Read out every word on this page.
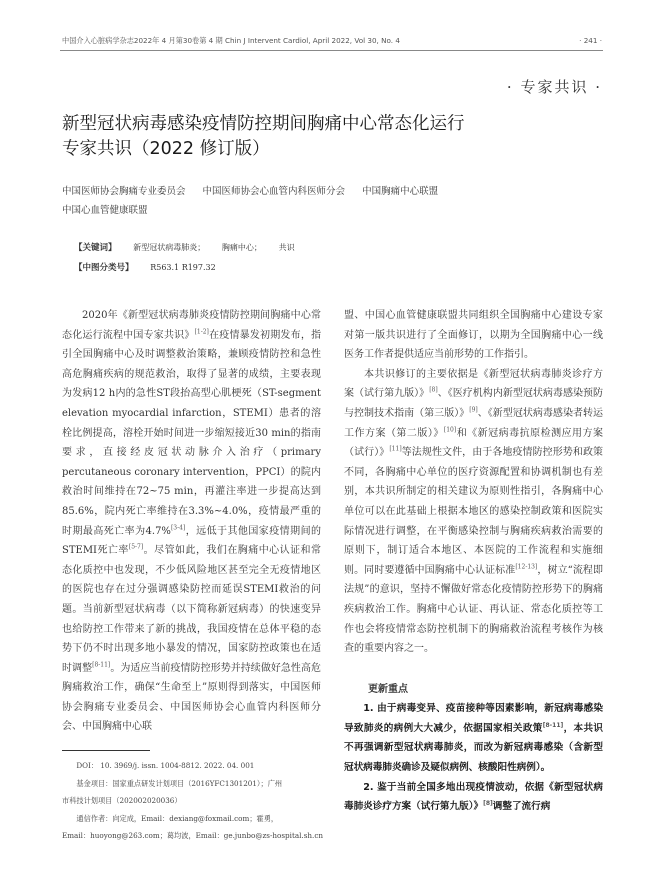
中国介入心脏病学杂志2022年 4 月第30卷第 4 期 Chin J Intervent Cardiol, April 2022, Vol 30, No. 4	· 241 ·
· 专家共识 ·
新型冠状病毒感染疫情防控期间胸痛中心常态化运行
专家共识（2022 修订版）
中国医师协会胸痛专业委员会 中国医师协会心血管内科医师分会 中国胸痛中心联盟
中国心血管健康联盟
【关键词】 新型冠状病毒肺炎； 胸痛中心； 共识
【中图分类号】 R563.1 R197.32

2020年《新型冠状病毒肺炎疫情防控期间胸痛中心常态化运行流程中国专家共识》[1-2]在疫情暴发初期发布，指引全国胸痛中心及时调整救治策略，兼顾疫情防控和急性高危胸痛疾病的规范救治，取得了显著的成绩，主要表现为发病12 h内的急性ST段抬高型心肌梗死（ST-segment elevation myocardial infarction，STEMI）患者的溶栓比例提高，溶栓开始时间进一步缩短接近30 min的指南要求，直接经皮冠状动脉介入治疗（primary percutaneous coronary intervention，PPCI）的院内救治时间维持在72~75 min，再灌注率进一步提高达到85.6%，院内死亡率维持在3.3%~4.0%，疫情最严重的时期最高死亡率为4.7%[3-4]，远低于其他国家疫情期间的STEMI死亡率[5-7]。尽管如此，我们在胸痛中心认证和常态化质控中也发现，不少低风险地区甚至完全无疫情地区的医院也存在过分强调感染防控而延误STEMI救治的问题。当前新型冠状病毒（以下简称新冠病毒）的快速变异也给防控工作带来了新的挑战，我国疫情在总体平稳的态势下仍不时出现多地小暴发的情况，国家防控政策也在适时调整[8-11]。为适应当前疫情防控形势并持续做好急性高危胸痛救治工作，确保“生命至上”原则得到落实，中国医师协会胸痛专业委员会、中国医师协会心血管内科医师分会、中国胸痛中心联

盟、中国心血管健康联盟共同组织全国胸痛中心建设专家对第一版共识进行了全面修订，以期为全国胸痛中心一线医务工作者提供适应当前形势的工作指引。

本共识修订的主要依据是《新型冠状病毒肺炎诊疗方案（试行第九版）》[8]、《医疗机构内新型冠状病毒感染预防与控制技术指南（第三版）》[9]、《新型冠状病毒感染者转运工作方案（第二版）》[10]和《新冠病毒抗原检测应用方案（试行）》[11]等法规性文件，由于各地疫情防控形势和政策不同，各胸痛中心单位的医疗资源配置和协调机制也有差别，本共识所制定的相关建议为原则性指引，各胸痛中心单位可以在此基础上根据本地区的感染控制政策和医院实际情况进行调整，在平衡感染控制与胸痛疾病救治需要的原则下，制订适合本地区、本医院的工作流程和实施细则。同时要遵循中国胸痛中心认证标准[12-13]，树立“流程即法规”的意识，坚持不懈做好常态化疫情防控形势下的胸痛疾病救治工作。胸痛中心认证、再认证、常态化质控等工作也会将疫情常态防控机制下的胸痛救治流程考核作为核查的重要内容之一。

更新重点

1. 由于病毒变异、疫苗接种等因素影响，新冠病毒感染导致肺炎的病例大大减少，依据国家相关政策[8-11]，本共识不再强调新型冠状病毒肺炎，而改为新冠病毒感染（含新型冠状病毒肺炎确诊及疑似病例、核酸阳性病例）。

2. 鉴于当前全国多地出现疫情波动，依据《新型冠状病毒肺炎诊疗方案（试行第九版）》[8]调整了流行病

DOI： 10. 3969/j. issn. 1004-8812. 2022. 04. 001
基金项目：国家重点研发计划项目（2016YFC1301201）；广州
市科技计划项目（202002020036）
通信作者：向定成，Email：dexiang@foxmail.com；霍勇，
Email：huoyong@263.com；葛均波，Email：ge.junbo@zs-hospital.sh.cn
